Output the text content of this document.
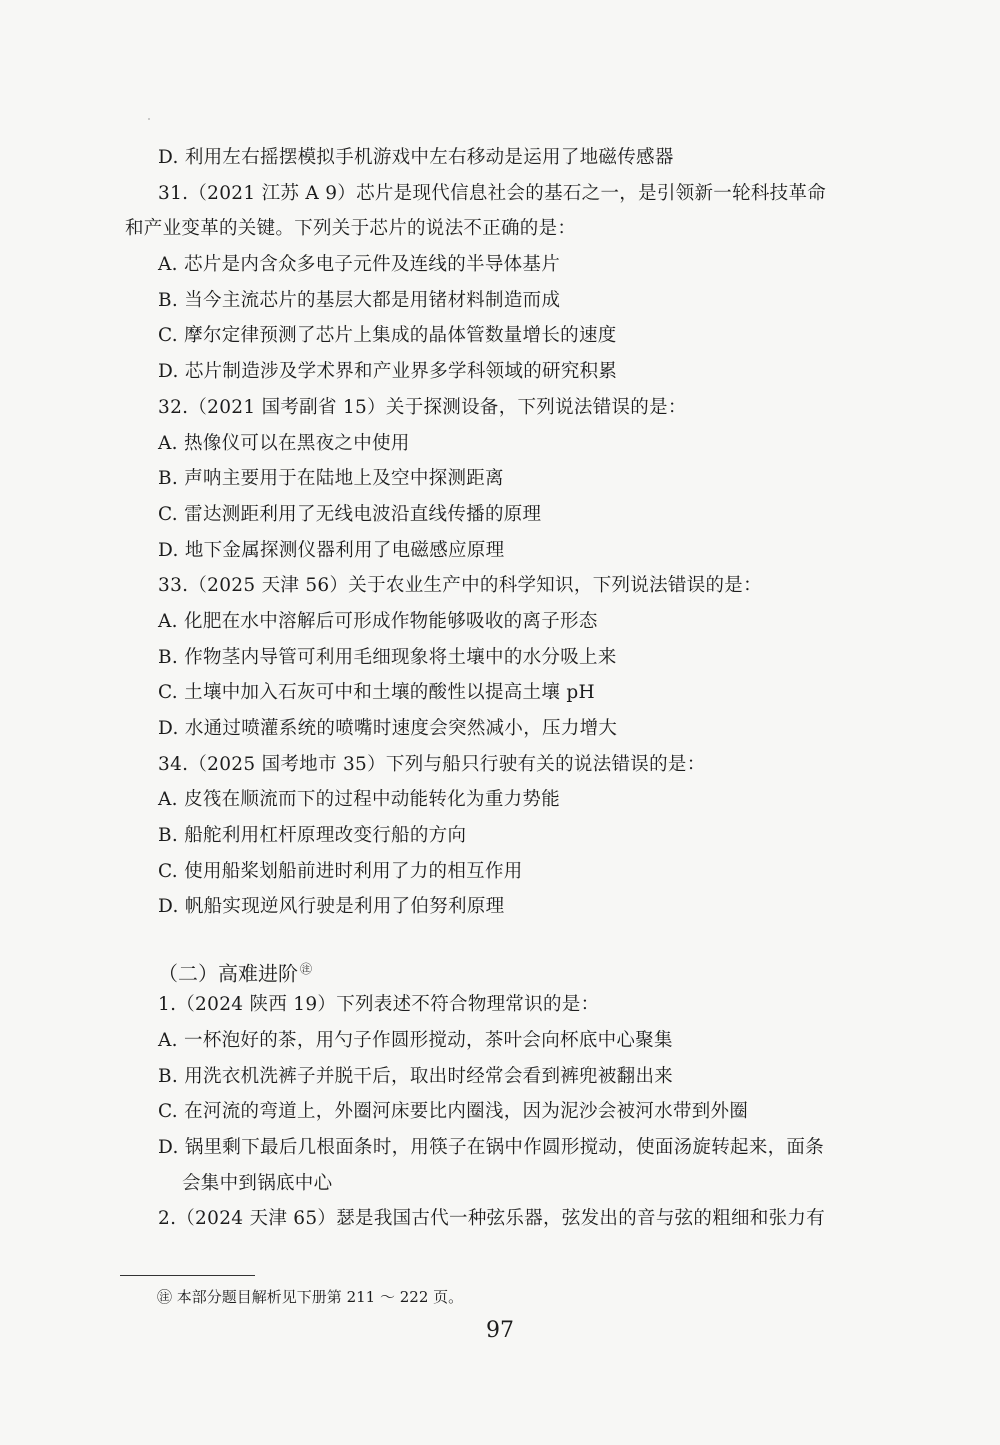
D. 利用左右摇摆模拟手机游戏中左右移动是运用了地磁传感器
31.（2021 江苏 A 9）芯片是现代信息社会的基石之一，是引领新一轮科技革命
和产业变革的关键。下列关于芯片的说法不正确的是：
A. 芯片是内含众多电子元件及连线的半导体基片
B. 当今主流芯片的基层大都是用锗材料制造而成
C. 摩尔定律预测了芯片上集成的晶体管数量增长的速度
D. 芯片制造涉及学术界和产业界多学科领域的研究积累
32.（2021 国考副省 15）关于探测设备，下列说法错误的是：
A. 热像仪可以在黑夜之中使用
B. 声呐主要用于在陆地上及空中探测距离
C. 雷达测距利用了无线电波沿直线传播的原理
D. 地下金属探测仪器利用了电磁感应原理
33.（2025 天津 56）关于农业生产中的科学知识，下列说法错误的是：
A. 化肥在水中溶解后可形成作物能够吸收的离子形态
B. 作物茎内导管可利用毛细现象将土壤中的水分吸上来
C. 土壤中加入石灰可中和土壤的酸性以提高土壤 pH
D. 水通过喷灌系统的喷嘴时速度会突然减小，压力增大
34.（2025 国考地市 35）下列与船只行驶有关的说法错误的是：
A. 皮筏在顺流而下的过程中动能转化为重力势能
B. 船舵利用杠杆原理改变行船的方向
C. 使用船桨划船前进时利用了力的相互作用
D. 帆船实现逆风行驶是利用了伯努利原理
（二）高难进阶 ㊟
1.（2024 陕西 19）下列表述不符合物理常识的是：
A. 一杯泡好的茶，用勺子作圆形搅动，茶叶会向杯底中心聚集
B. 用洗衣机洗裤子并脱干后，取出时经常会看到裤兜被翻出来
C. 在河流的弯道上，外圈河床要比内圈浅，因为泥沙会被河水带到外圈
D. 锅里剩下最后几根面条时，用筷子在锅中作圆形搅动，使面汤旋转起来，面条
会集中到锅底中心
2.（2024 天津 65）瑟是我国古代一种弦乐器，弦发出的音与弦的粗细和张力有
㊟ 本部分题目解析见下册第 211 ～ 222 页。
97
